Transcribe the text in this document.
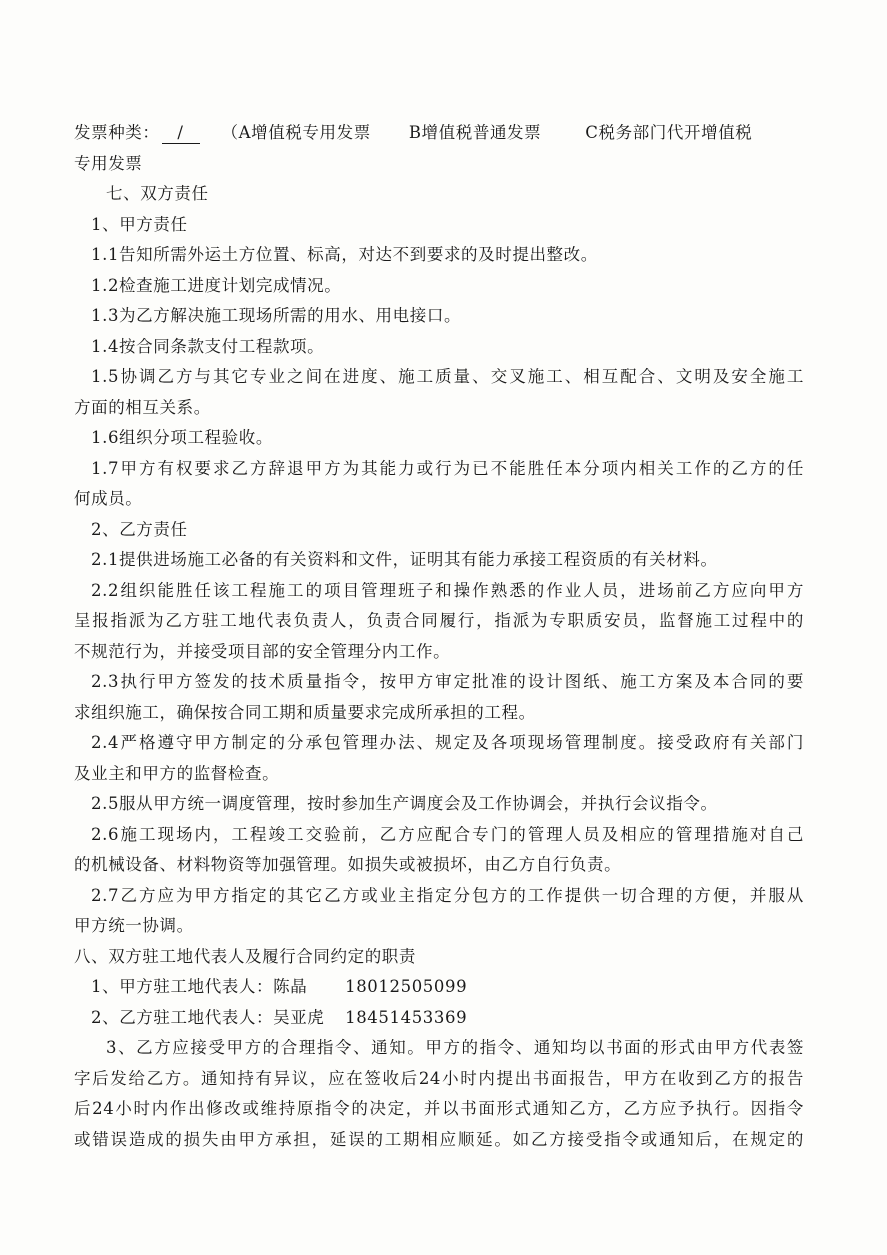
发票种类： / （A增值税专用发票 B增值税普通发票	C税务部门代开增值税
专用发票
七、双方责任
1、甲方责任
1.1告知所需外运土方位置、标高，对达不到要求的及时提出整改。
1.2检查施工进度计划完成情况。
1.3为乙方解决施工现场所需的用水、用电接口。
1.4按合同条款支付工程款项。
1.5协调乙方与其它专业之间在进度、施工质量、交叉施工、相互配合、文明及安全施工
方面的相互关系。
1.6组织分项工程验收。
1.7甲方有权要求乙方辞退甲方为其能力或行为已不能胜任本分项内相关工作的乙方的任
何成员。
2、乙方责任
2.1提供进场施工必备的有关资料和文件，证明其有能力承接工程资质的有关材料。
2.2组织能胜任该工程施工的项目管理班子和操作熟悉的作业人员，进场前乙方应向甲方
呈报指派为乙方驻工地代表负责人，负责合同履行，指派为专职质安员，监督施工过程中的
不规范行为，并接受项目部的安全管理分内工作。
2.3执行甲方签发的技术质量指令，按甲方审定批准的设计图纸、施工方案及本合同的要
求组织施工，确保按合同工期和质量要求完成所承担的工程。
2.4严格遵守甲方制定的分承包管理办法、规定及各项现场管理制度。接受政府有关部门
及业主和甲方的监督检查。
2.5服从甲方统一调度管理，按时参加生产调度会及工作协调会，并执行会议指令。
2.6施工现场内，工程竣工交验前，乙方应配合专门的管理人员及相应的管理措施对自己
的机械设备、材料物资等加强管理。如损失或被损坏，由乙方自行负责。
2.7乙方应为甲方指定的其它乙方或业主指定分包方的工作提供一切合理的方便，并服从
甲方统一协调。
八、双方驻工地代表人及履行合同约定的职责
1、甲方驻工地代表人：陈晶 18012505099
2、乙方驻工地代表人：吴亚虎 18451453369
3、乙方应接受甲方的合理指令、通知。甲方的指令、通知均以书面的形式由甲方代表签
字后发给乙方。通知持有异议，应在签收后24小时内提出书面报告，甲方在收到乙方的报告
后24小时内作出修改或维持原指令的决定，并以书面形式通知乙方，乙方应予执行。因指令
或错误造成的损失由甲方承担，延误的工期相应顺延。如乙方接受指令或通知后，在规定的
